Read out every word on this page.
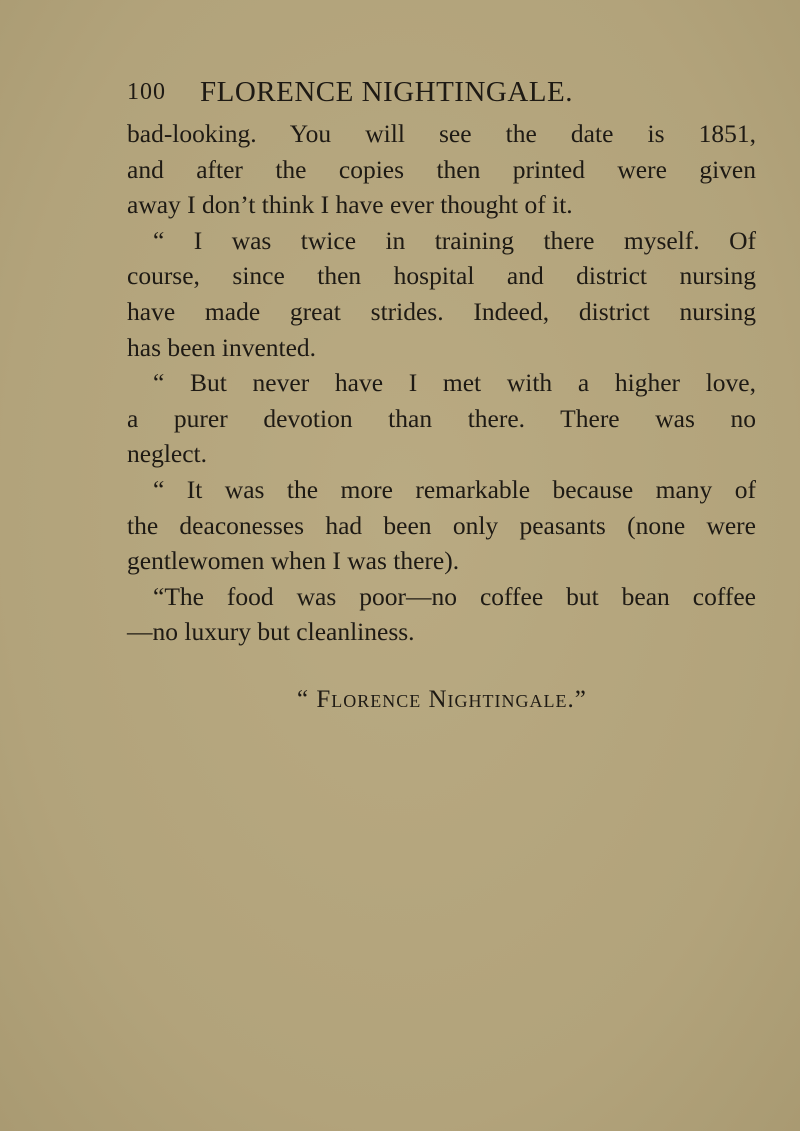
100 FLORENCE NIGHTINGALE.
bad-looking. You will see the date is 1851,
and after the copies then printed were given
away I don’t think I have ever thought of it.
“ I was twice in training there myself. Of
course, since then hospital and district nursing
have made great strides. Indeed, district nursing
has been invented.
“ But never have I met with a higher love,
a purer devotion than there. There was no
neglect.
“ It was the more remarkable because many of
the deaconesses had been only peasants (none were
gentlewomen when I was there).
“The food was poor—no coffee but bean coffee
—no luxury but cleanliness.
“ Florence Nightingale.”
